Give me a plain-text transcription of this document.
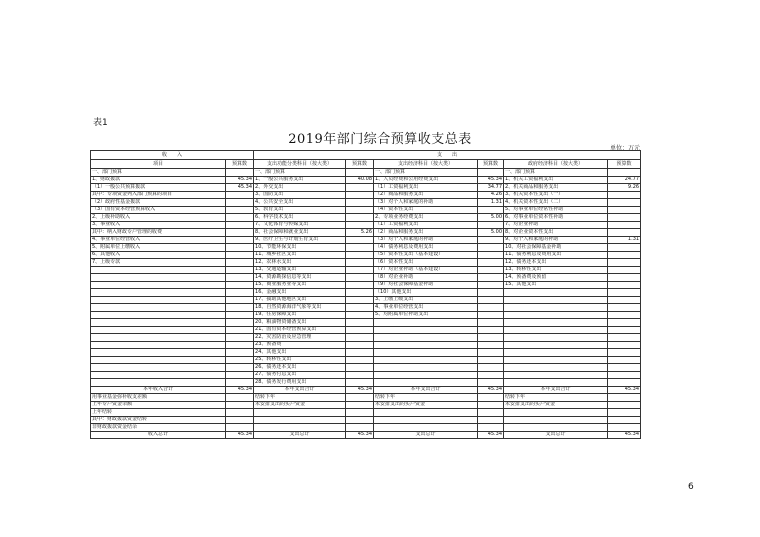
表1
2019年部门综合预算收支总表
单位：万元
收　　入		支　　出					
项目	预算数	支出功能分类科目（按大类）	预算数	支出经济科目（按大类）	预算数	政府经济科目（按大类）	预算数
一、部门预算		一、部门预算		一、部门预算		一、部门预算	
1、财政拨款	45.34	1、一般公共服务支出	40.08	1、人员经费和公用经费支出	45.34	1、机关工资福利支出	24.77
（1）一般公共预算拨款	45.34	2、外交支出		（1）工资福利支出	34.77	2、机关商品和服务支出	9.26
其中：专项资金列入部门预算的项目		3、国防支出		（2）商品和服务支出	4.26	3、机关资本性支出（一）	
（2）政府性基金拨款		4、公共安全支出		（3）对个人和家庭的补助	1.31	4、机关资本性支出（二）	
（3）国有资本经营预算收入		5、教育支出		（4）资本性支出		5、对事业单位经常性补助	
2、上级补助收入		6、科学技术支出		2、专项业务经费支出	5.00	6、对事业单位资本性补助	
3、事业收入		7、文化体育与传媒支出		（1）工资福利支出		7、对企业补助	
其中：纳入财政专户管理的收费		8、社会保障和就业支出	5.26	（2）商品和服务支出	5.00	8、对企业资本性支出	
4、事业单位经营收入		9、医疗卫生与计划生育支出		（3）对个人和家庭的补助		9、对个人和家庭的补助	1.31
5、附属单位上缴收入		10、节能环保支出		（4）债务利息及费用支出		10、对社会保障基金补助	
6、其他收入		11、城乡社区支出		（5）资本性支出（基本建设）		11、债务利息及费用支出	
7、上级专款		12、农林水支出		（6）资本性支出		12、债务还本支出	
		13、交通运输支出		（7）对企业补助（基本建设）		13、转移性支出	
		14、资源勘探信息等支出		（8）对企业补助		14、预备费及预留	
		15、商业服务业等支出		（9）对社会保障基金补助		15、其他支出	
		16、金融支出		（10）其他支出			
		17、援助其他地区支出		3、上缴上级支出			
		18、自然资源海洋气象等支出		4、事业单位经营支出			
		19、住房保障支出		5、对附属单位补助支出			
		20、粮油物资储备支出					
		21、国有资本经营预算支出					
		22、灾害防治及应急管理					
		23、预备费					
		24、其他支出					
		25、转移性支出					
		26、债务还本支出					
		27、债务付息支出					
		28、债务发行费用支出					
本年收入合计	45.34	本年支出合计	45.34	本年支出合计	45.34	本年支出合计	45.34
用事业基金弥补收支差额		结转下年		结转下年		结转下年	
上年专户资金余额		未安排支出的实户资金		未安排支出的实户资金		未安排支出的实户资金	
上年结转							
其中：财政拨款资金结转							
非财政拨款资金结余							
收入总计	45.34	支出总计	45.34	支出总计	45.34	支出总计	45.34
6
